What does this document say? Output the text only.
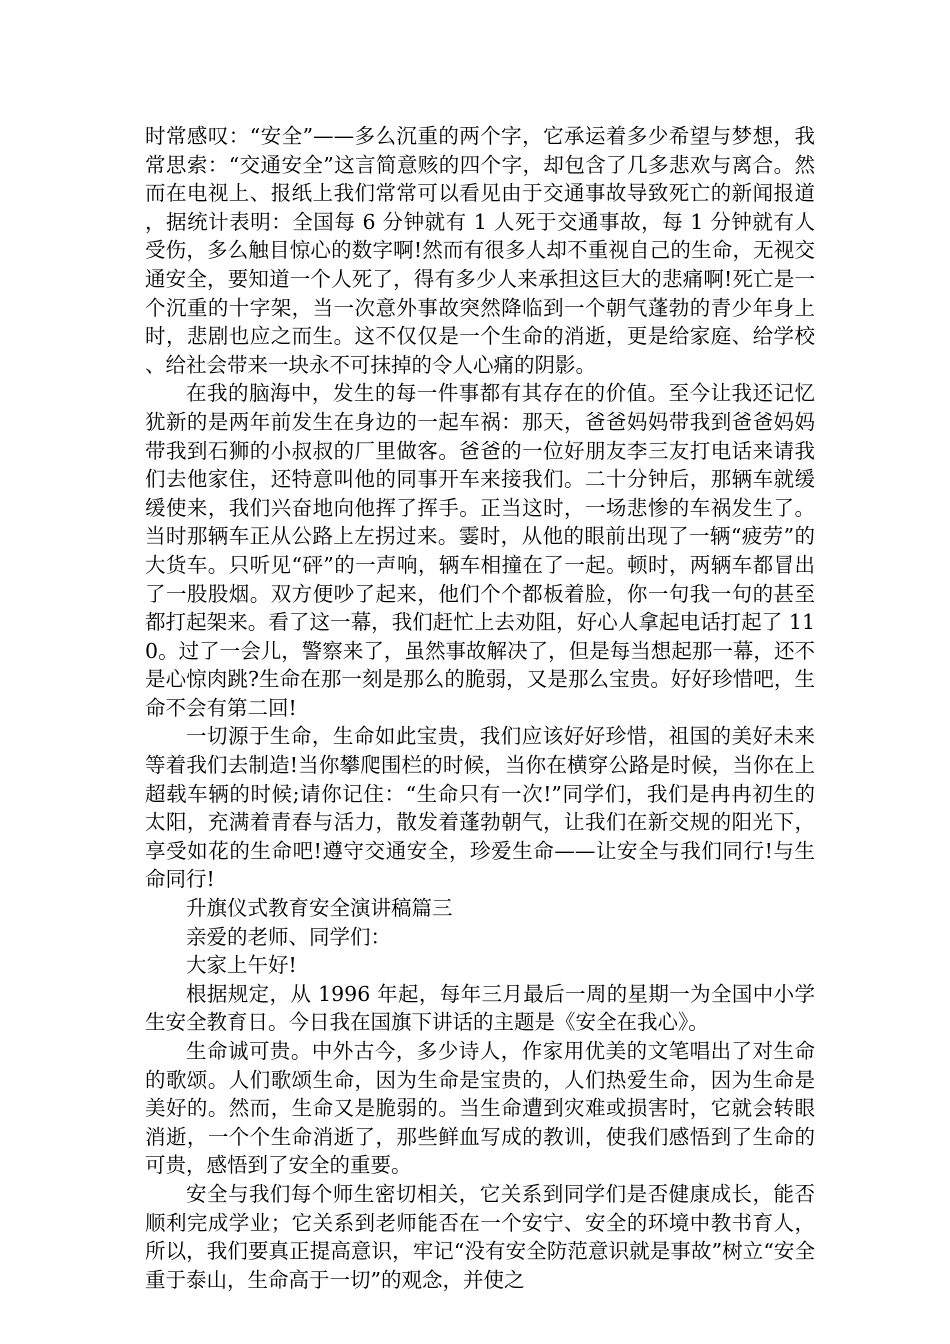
时常感叹：“安全”——多么沉重的两个字，它承运着多少希望与梦想，我常思索：“交通安全”这言简意赅的四个字，却包含了几多悲欢与离合。然而在电视上、报纸上我们常常可以看见由于交通事故导致死亡的新闻报道，据统计表明：全国每 6 分钟就有 1 人死于交通事故，每 1 分钟就有人受伤，多么触目惊心的数字啊!然而有很多人却不重视自己的生命，无视交通安全，要知道一个人死了，得有多少人来承担这巨大的悲痛啊!死亡是一个沉重的十字架，当一次意外事故突然降临到一个朝气蓬勃的青少年身上时，悲剧也应之而生。这不仅仅是一个生命的消逝，更是给家庭、给学校、给社会带来一块永不可抹掉的令人心痛的阴影。

在我的脑海中，发生的每一件事都有其存在的价值。至今让我还记忆犹新的是两年前发生在身边的一起车祸：那天，爸爸妈妈带我到爸爸妈妈带我到石狮的小叔叔的厂里做客。爸爸的一位好朋友李三友打电话来请我们去他家住，还特意叫他的同事开车来接我们。二十分钟后，那辆车就缓缓使来，我们兴奋地向他挥了挥手。正当这时，一场悲惨的车祸发生了。当时那辆车正从公路上左拐过来。霎时，从他的眼前出现了一辆“疲劳”的大货车。只听见“砰”的一声响，辆车相撞在了一起。顿时，两辆车都冒出了一股股烟。双方便吵了起来，他们个个都板着脸，你一句我一句的甚至都打起架来。看了这一幕，我们赶忙上去劝阻，好心人拿起电话打起了 110。过了一会儿，警察来了，虽然事故解决了，但是每当想起那一幕，还不是心惊肉跳?生命在那一刻是那么的脆弱，又是那么宝贵。好好珍惜吧，生命不会有第二回!

一切源于生命，生命如此宝贵，我们应该好好珍惜，祖国的美好未来等着我们去制造!当你攀爬围栏的时候，当你在横穿公路是时候，当你在上超载车辆的时候;请你记住：“生命只有一次!”同学们，我们是冉冉初生的太阳，充满着青春与活力，散发着蓬勃朝气，让我们在新交规的阳光下，享受如花的生命吧!遵守交通安全，珍爱生命——让安全与我们同行!与生命同行!

升旗仪式教育安全演讲稿篇三

亲爱的老师、同学们：

大家上午好!

根据规定，从 1996 年起，每年三月最后一周的星期一为全国中小学生安全教育日。今日我在国旗下讲话的主题是《安全在我心》。

生命诚可贵。中外古今，多少诗人，作家用优美的文笔唱出了对生命的歌颂。人们歌颂生命，因为生命是宝贵的，人们热爱生命，因为生命是美好的。然而，生命又是脆弱的。当生命遭到灾难或损害时，它就会转眼消逝，一个个生命消逝了，那些鲜血写成的教训，使我们感悟到了生命的可贵，感悟到了安全的重要。

安全与我们每个师生密切相关，它关系到同学们是否健康成长，能否顺利完成学业；它关系到老师能否在一个安宁、安全的环境中教书育人，所以，我们要真正提高意识，牢记“没有安全防范意识就是事故”树立“安全重于泰山，生命高于一切”的观念，并使之
